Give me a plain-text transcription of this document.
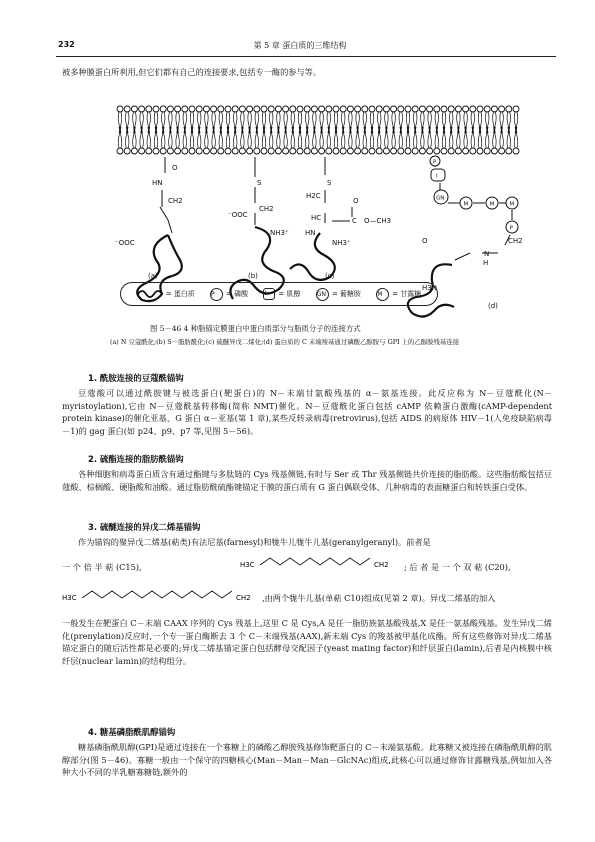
232	第 5 章 蛋白质的三维结构
被多种膜蛋白所利用,但它们都有自己的连接要求,包括专一酶的参与等。
O
HN
CH2
⁻OOC
S
CH2
⁻OOC
NH3⁺
S
H2C
HC	C
O
O—CH3
HN
NH3⁺	O
N
H
CH2
H3N
GN
M	M	M
P
P
I
(a)	(b)	(c)
(d)
= 蛋白质	P	= 磷酸	I	= 肌醇	GN = 葡糖胺	M	= 甘露糖
图 5－46 4 种脂锚定膜蛋白中蛋白质部分与脂质分子的连接方式
(a) N 豆蔻酰化;(b) S－脂肪酰化;(c) 硫醚异戊二烯化;(d) 蛋白质的 C 末端羧基通过磷酸乙醇胺与 GPI 上的乙醇胺残基连接
1. 酰胺连接的豆蔻酰锚钩
豆蔻酸可以通过酰胺键与被选蛋白(靶蛋白)的 N－末端甘氨酸残基的 α－氨基连接。此反应称为 N－豆蔻酰化(N－myristoylation),它由 N－豆蔻酰基转移酶(简称 NMT)催化。N－豆蔻酰化蛋白包括 cAMP 依赖蛋白激酶(cAMP-dependent protein kinase)的催化亚基、G 蛋白 α－亚基(第 1 章),某些反转录病毒(retrovirus),包括 AIDS 的病原体 HIV－1(人免疫缺陷病毒－1)的 gag 蛋白(如 p24、p9、p7 等,见图 5－56)。
2. 硫酯连接的脂肪酰锚钩
各种细胞和病毒蛋白质含有通过酯键与多肽链的 Cys 残基侧链,有时与 Ser 或 Thr 残基侧链共价连接的脂肪酸。这些脂肪酸包括豆蔻酸、棕榈酸、硬脂酸和油酸。通过脂肪酰硫酯键锚定于膜的蛋白质有 G 蛋白偶联受体、几种病毒的表面糖蛋白和转铁蛋白受体。
3. 硫醚连接的异戊二烯基锚钩
作为锚钩的聚异戊二烯基(萜类)有法尼基(farnesyl)和牻牛儿牻牛儿基(geranylgeranyl)。前者是
一 个 倍 半 萜 (C15),	H3C	CH2 ; 后 者 是 一 个 双 萜 (C20),
H3C	CH2 ,由两个牻牛儿基(单萜 C10)组成(见第 2 章)。异戊二烯基的加入
一般发生在靶蛋白 C－末端 CAAX 序列的 Cys 残基上,这里 C 是 Cys,A 是任一脂肪族氨基酸残基,X 是任一氨基酸残基。发生异戊二烯化(prenylation)反应时,一个专一蛋白酶断去 3 个 C－末端残基(AAX),新末端 Cys 的羧基被甲基化成酯。所有这些修饰对异戊二烯基锚定蛋白的随后活性都是必要的;异戊二烯基锚定蛋白包括酵母交配因子(yeast mating factor)和纤层蛋白(lamin),后者是内核膜中核纤层(nuclear lamin)的结构组分。
4. 糖基磷脂酰肌醇锚钩
糖基磷脂酰肌醇(GPI)是通过连接在一个寡糖上的磷酸乙醇胺残基修饰靶蛋白的 C－末端氨基酸。此寡糖又被连接在磷脂酰肌醇的肌醇部分(图 5－46)。寡糖一般由一个保守的四糖核心(Man－Man－Man－GlcNAc)组成,此核心可以通过修饰甘露糖残基,例如加入各种大小不同的半乳糖寡糖链,额外的
